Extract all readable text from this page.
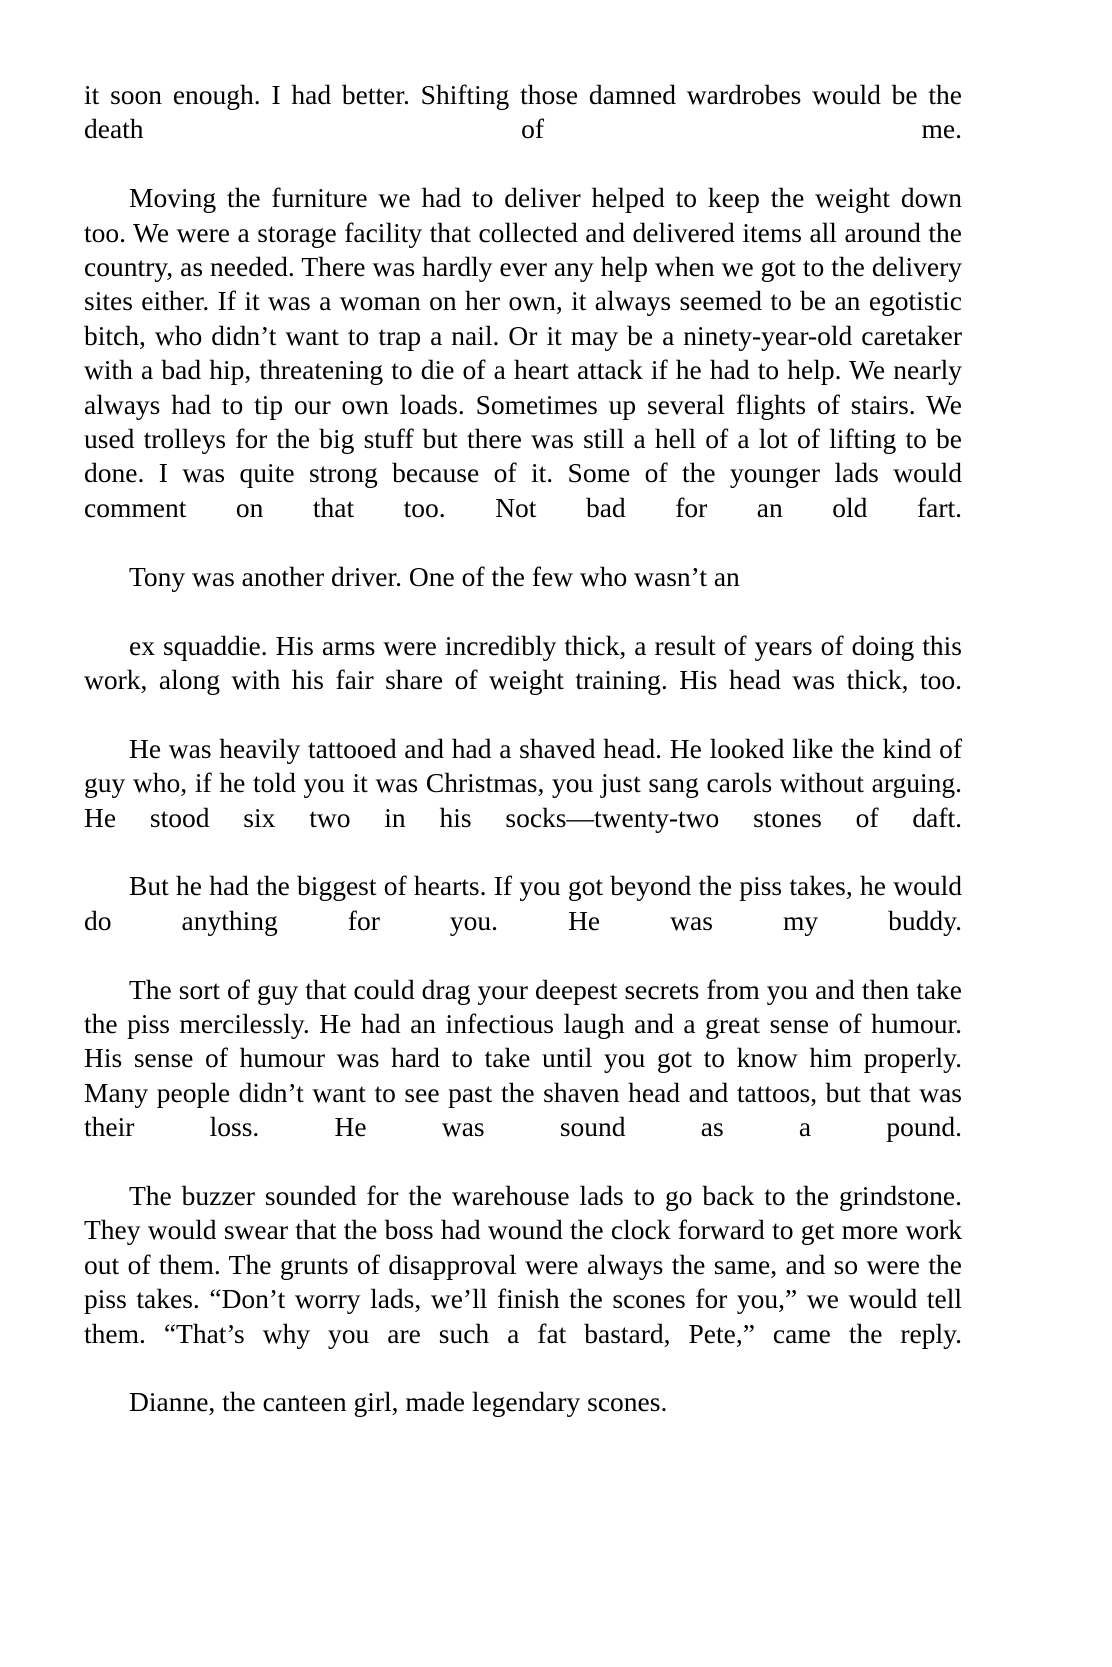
it soon enough. I had better. Shifting those damned wardrobes would be the death of me.

Moving the furniture we had to deliver helped to keep the weight down too. We were a storage facility that collected and delivered items all around the country, as needed. There was hardly ever any help when we got to the delivery sites either. If it was a woman on her own, it always seemed to be an egotistic bitch, who didn’t want to trap a nail. Or it may be a ninety-year-old caretaker with a bad hip, threatening to die of a heart attack if he had to help. We nearly always had to tip our own loads. Sometimes up several flights of stairs. We used trolleys for the big stuff but there was still a hell of a lot of lifting to be done. I was quite strong because of it. Some of the younger lads would comment on that too. Not bad for an old fart.

Tony was another driver. One of the few who wasn’t an

ex squaddie. His arms were incredibly thick, a result of years of doing this work, along with his fair share of weight training. His head was thick, too.

He was heavily tattooed and had a shaved head. He looked like the kind of guy who, if he told you it was Christmas, you just sang carols without arguing. He stood six two in his socks—twenty-two stones of daft.

But he had the biggest of hearts. If you got beyond the piss takes, he would do anything for you. He was my buddy.

The sort of guy that could drag your deepest secrets from you and then take the piss mercilessly. He had an infectious laugh and a great sense of humour. His sense of humour was hard to take until you got to know him properly. Many people didn’t want to see past the shaven head and tattoos, but that was their loss. He was sound as a pound.

The buzzer sounded for the warehouse lads to go back to the grindstone. They would swear that the boss had wound the clock forward to get more work out of them. The grunts of disapproval were always the same, and so were the piss takes. “Don’t worry lads, we’ll finish the scones for you,” we would tell them. “That’s why you are such a fat bastard, Pete,” came the reply.

Dianne, the canteen girl, made legendary scones.
